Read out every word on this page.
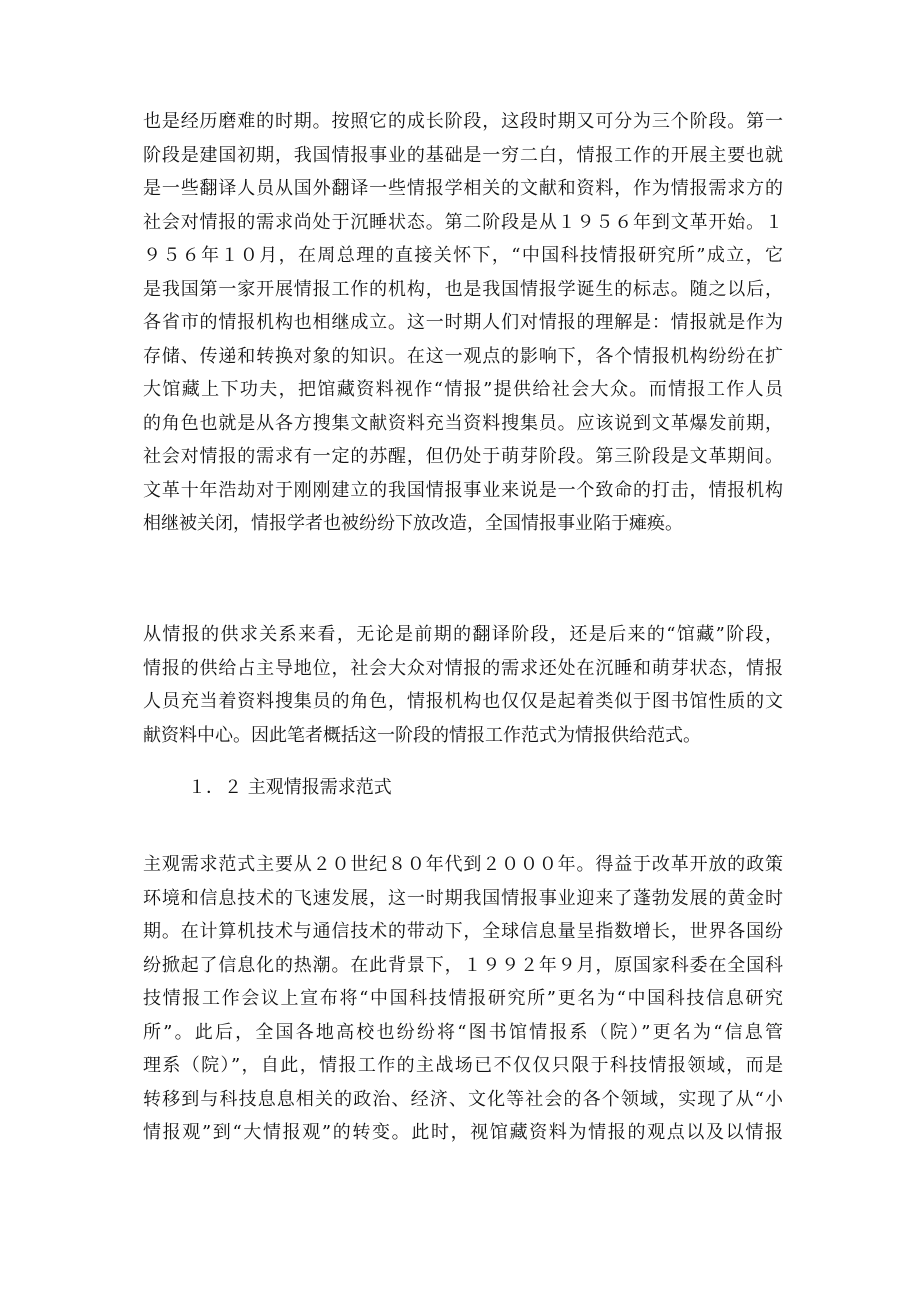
也是经历磨难的时期。按照它的成长阶段，这段时期又可分为三个阶段。第一
阶段是建国初期，我国情报事业的基础是一穷二白，情报工作的开展主要也就
是一些翻译人员从国外翻译一些情报学相关的文献和资料，作为情报需求方的
社会对情报的需求尚处于沉睡状态。第二阶段是从１９５６年到文革开始。１
９５６年１０月，在周总理的直接关怀下，“中国科技情报研究所”成立，它
是我国第一家开展情报工作的机构，也是我国情报学诞生的标志。随之以后，
各省市的情报机构也相继成立。这一时期人们对情报的理解是：情报就是作为
存储、传递和转换对象的知识。在这一观点的影响下，各个情报机构纷纷在扩
大馆藏上下功夫，把馆藏资料视作“情报”提供给社会大众。而情报工作人员
的角色也就是从各方搜集文献资料充当资料搜集员。应该说到文革爆发前期，
社会对情报的需求有一定的苏醒，但仍处于萌芽阶段。第三阶段是文革期间。
文革十年浩劫对于刚刚建立的我国情报事业来说是一个致命的打击，情报机构
相继被关闭，情报学者也被纷纷下放改造，全国情报事业陷于瘫痪。
从情报的供求关系来看，无论是前期的翻译阶段，还是后来的“馆藏”阶段，
情报的供给占主导地位，社会大众对情报的需求还处在沉睡和萌芽状态，情报
人员充当着资料搜集员的角色，情报机构也仅仅是起着类似于图书馆性质的文
献资料中心。因此笔者概括这一阶段的情报工作范式为情报供给范式。
１．２ 主观情报需求范式
主观需求范式主要从２０世纪８０年代到２０００年。得益于改革开放的政策
环境和信息技术的飞速发展，这一时期我国情报事业迎来了蓬勃发展的黄金时
期。在计算机技术与通信技术的带动下，全球信息量呈指数增长，世界各国纷
纷掀起了信息化的热潮。在此背景下，１９９２年９月，原国家科委在全国科
技情报工作会议上宣布将“中国科技情报研究所”更名为“中国科技信息研究
所”。此后，全国各地高校也纷纷将“图书馆情报系（院）”更名为“信息管
理系（院）”，自此，情报工作的主战场已不仅仅只限于科技情报领域，而是
转移到与科技息息相关的政治、经济、文化等社会的各个领域，实现了从“小
情报观”到“大情报观”的转变。此时，视馆藏资料为情报的观点以及以情报
